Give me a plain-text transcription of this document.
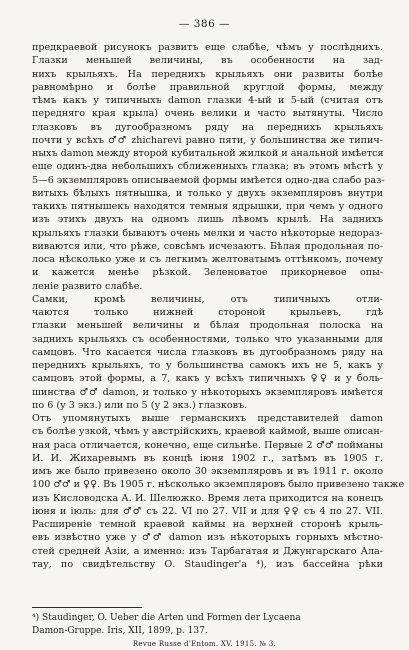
— 386 —
предкраевой рисунокъ развитъ еще слабѣе, чѣмъ у послѣднихъ.
Глазки меньшей величины, въ особенности на зад-
нихъ крыльяхъ. На переднихъ крыльяхъ они развиты болѣе
равномѣрно и болѣе правильной круглой формы, между
тѣмъ какъ у типичныхъ damon глазки 4-ый и 5-ый (считая отъ
передняго края крыла) очень велики и часто вытянуты. Число
глазковъ въ дугообразномъ ряду на переднихъ крыльяхъ
почти у всѣхъ ♂♂ zhicharevi равно пяти, у большинства же типич-
ныхъ damon между второй кубитальной жилкой и анальной имѣется
еще одинъ-два небольшихъ сближенныхъ глазка; въ этомъ мѣстѣ у
5—6 экземпляровъ описываемой формы имѣется одно-два слабо раз-
витыхъ бѣлыхъ пятнышка, и только у двухъ экземпляровъ внутри
такихъ пятнышекъ находятся темныя ядрышки, при чемъ у одного
изъ этихъ двухъ на одномъ лишь лѣвомъ крылѣ. На заднихъ
крыльяхъ глазки бываютъ очень мелки и часто нѣкоторые недораз-
виваются или, что рѣже, совсѣмъ исчезаютъ. Бѣлая продольная по-
лоса нѣсколько уже и съ легкимъ желтоватымъ оттѣнкомъ, почему
и кажется менѣе рѣзкой. Зеленоватое прикорневое опы-
леніе развито слабѣе.
Самки, кромѣ величины, отъ типичныхъ отли-
чаются только нижней стороной крыльевъ, гдѣ
глазки меньшей величины и бѣлая продольная полоска на
заднихъ крыльяхъ съ особенностями, только что указанными для
самцовъ. Что касается числа глазковъ въ дугообразномъ ряду на
переднихъ крыльяхъ, то у большинства самокъ ихъ не 5, какъ у
самцовъ этой формы, а 7, какъ у всѣхъ типичныхъ ♀♀ и у боль-
шинства ♂♂ damon, и только у нѣкоторыхъ экземпляровъ имѣется
по 6 (у 3 экз.) или по 5 (у 2 экз.) глазковъ.
Отъ упомянутыхъ выше германскихъ представителей damon
съ болѣе узкой, чѣмъ у австрійскихъ, краевой каймой, выше описан-
ная раса отличается, конечно, еще сильнѣе. Первые 2 ♂♂ пойманы
И. И. Жихаревымъ въ концѣ іюня 1902 г., затѣмъ въ 1905 г.
имъ же было привезено около 30 экземпляровъ и въ 1911 г. около
100 ♂♂ и ♀♀. Въ 1905 г. нѣсколько экземпляровъ было привезено также
изъ Кисловодска А. И. Шелюжко. Время лета приходится на конецъ
іюня и іюль: для ♂♂ съ 22. VI по 27. VII и для ♀♀ съ 4 по 27. VII.
Расширеніе темной краевой каймы на верхней сторонѣ крыль-
евъ извѣстно уже у ♂♂ damon изъ нѣкоторыхъ горныхъ мѣстно-
стей средней Азіи, а именно: изъ Тарбагатая и Джунгарскаго Ала-
тау, по свидѣтельству О. Staudinger'а ⁴), изъ бассейна рѣки
⁴) Staudinger, O. Ueber die Arten und Formen der Lycaena
Damon-Gruppe. Iris, XII, 1899, p. 137.
Revue Russe d'Entom. XV. 1915. № 3.
